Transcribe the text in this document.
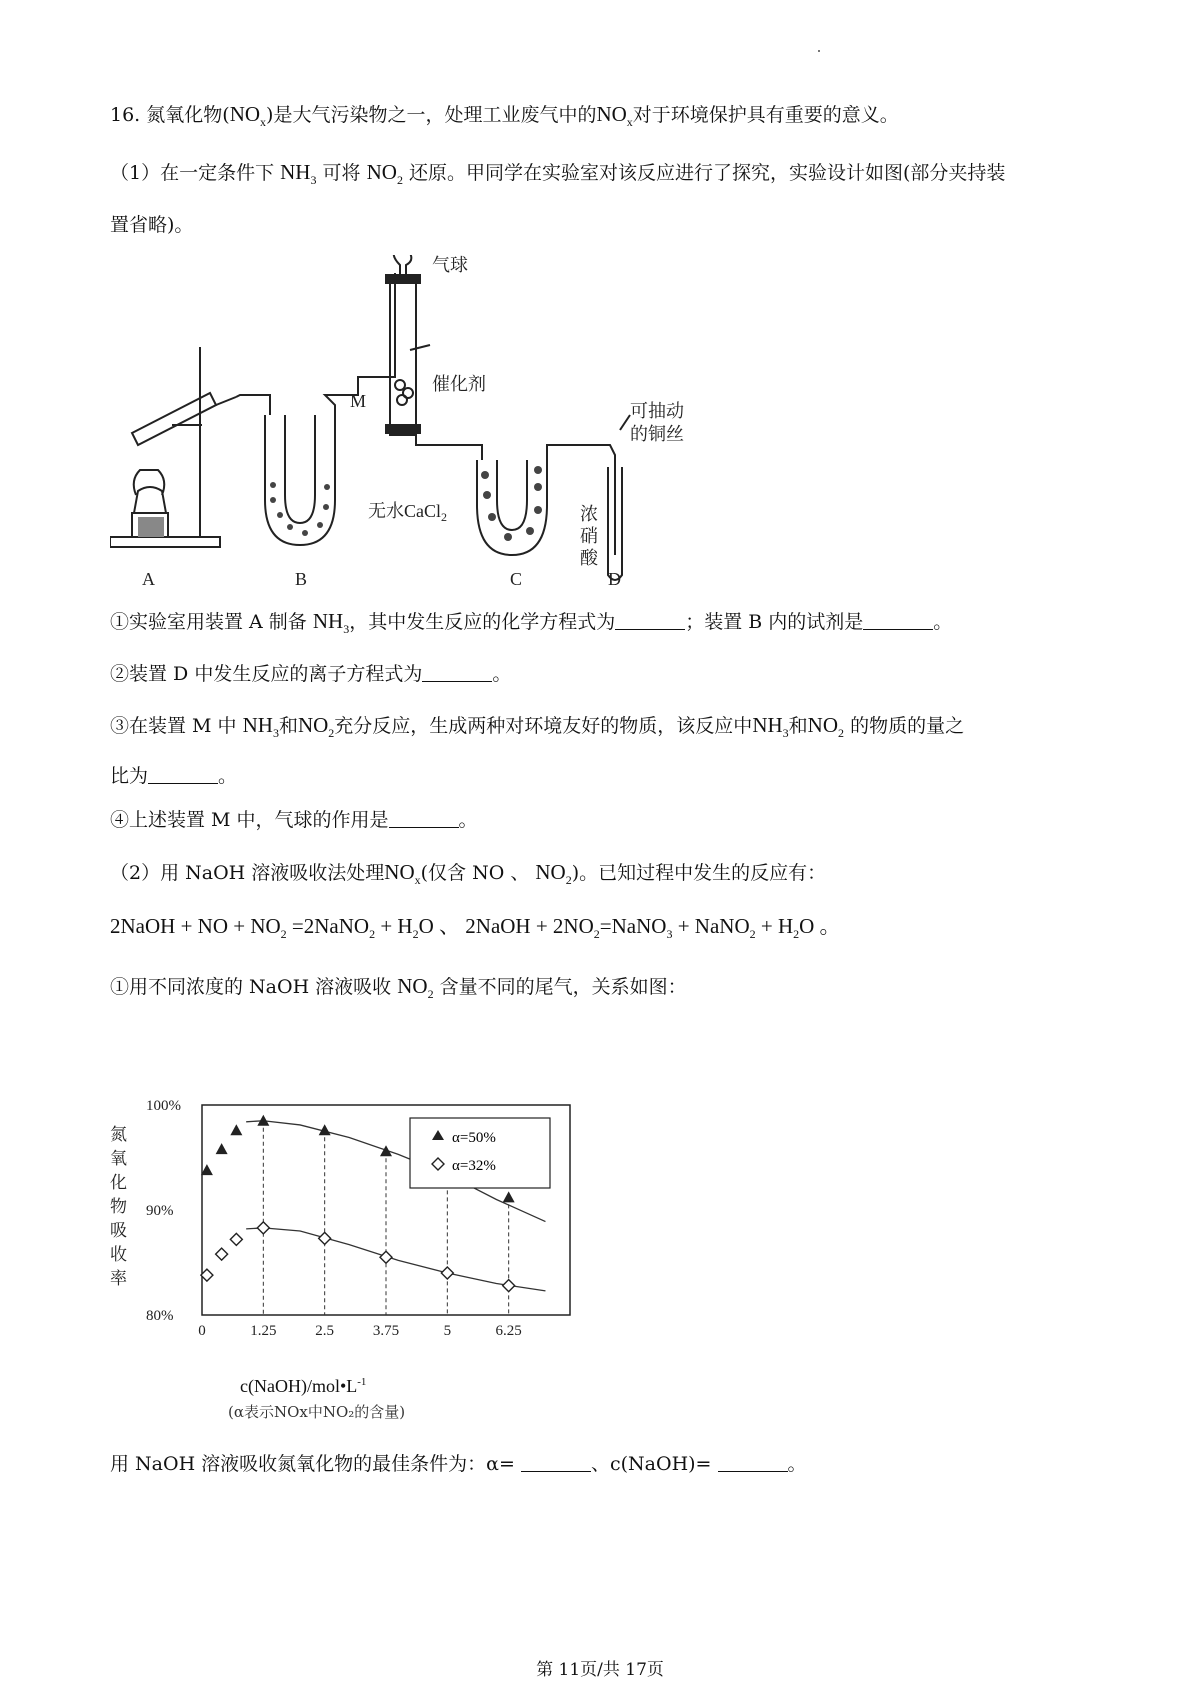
16. 氮氧化物$(NO_x)$是大气污染物之一，处理工业废气中的$NO_x$对于环境保护具有重要的意义。
（1）在一定条件下 $NH_3$ 可将 $NO_2$ 还原。甲同学在实验室对该反应进行了探究，实验设计如图(部分夹持装
置省略)。
气球
催化剂
M	可抽动
的铜丝
无水CaCl$_2$	浓
硝
酸
A	B	C	D
①实验室用装置 A 制备 $NH_3$，其中发生反应的化学方程式为	；装置 B 内的试剂是	。
②装置 D 中发生反应的离子方程式为	。
③在装置 M 中 $NH_3$和$NO_2$充分反应，生成两种对环境友好的物质，该反应中$NH_3$和$NO_2$ 的物质的量之
比为	。
④上述装置 M 中，气球的作用是	。
（2）用 NaOH 溶液吸收法处理$NO_x$(仅含 NO 、 $NO_2$)。已知过程中发生的反应有：
2NaOH + NO + $NO_2$ =2NaNO$_2$ + $H_2O$ 、 2NaOH + $2NO_2=NaNO_3$ + NaNO$_2$ + $H_2O$ 。
①用不同浓度的 NaOH 溶液吸收 $NO_2$ 含量不同的尾气，关系如图：
氮
氧
化
物
吸
收
率
100%
90%
80%
0	1.25	2.5	3.75	5	6.25
α=50%
α=32%
$c(NaOH)/mol•L^{-1}$
(α表示NOx中NO₂的含量)
用 NaOH 溶液吸收氮氧化物的最佳条件为：α=	、c(NaOH)=	。
第 11页/共 17页
